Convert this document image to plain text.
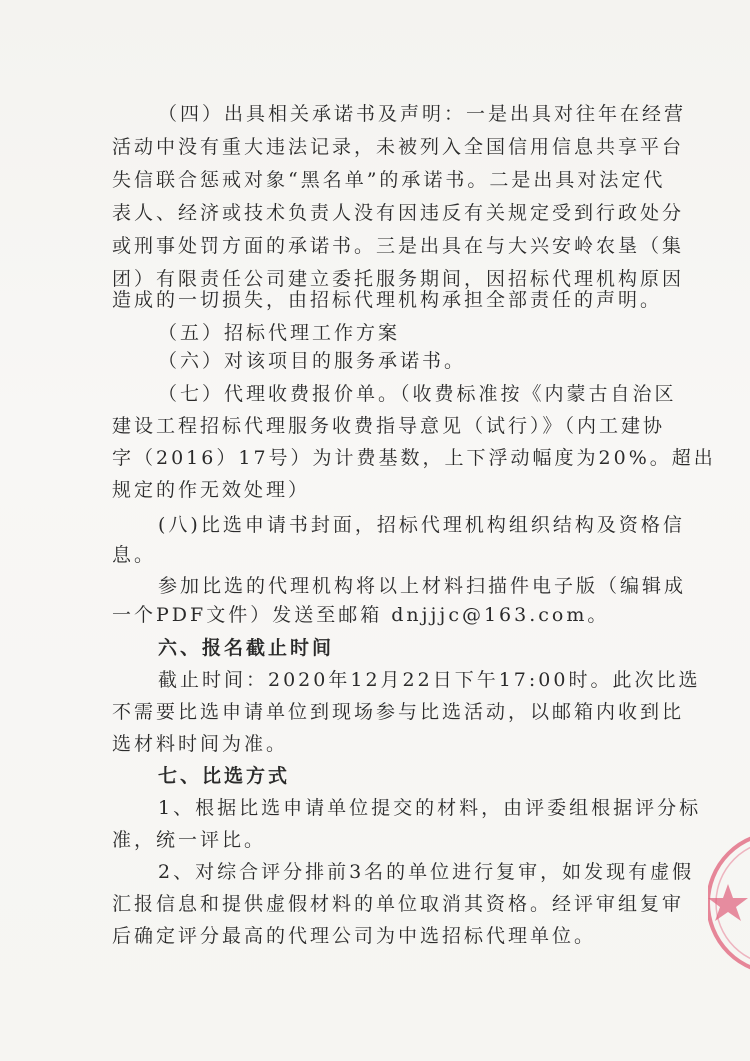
（四）出具相关承诺书及声明：一是出具对往年在经营
活动中没有重大违法记录，未被列入全国信用信息共享平台
失信联合惩戒对象“黑名单”的承诺书。二是出具对法定代
表人、经济或技术负责人没有因违反有关规定受到行政处分
或刑事处罚方面的承诺书。三是出具在与大兴安岭农垦（集
团）有限责任公司建立委托服务期间，因招标代理机构原因
造成的一切损失，由招标代理机构承担全部责任的声明。
（五）招标代理工作方案
（六）对该项目的服务承诺书。
（七）代理收费报价单。（收费标准按《内蒙古自治区
建设工程招标代理服务收费指导意见（试行）》（内工建协
字（2016）17号）为计费基数，上下浮动幅度为20%。超出
规定的作无效处理）
(八)比选申请书封面，招标代理机构组织结构及资格信
息。
参加比选的代理机构将以上材料扫描件电子版（编辑成
一个PDF文件）发送至邮箱 dnjjjc@163.com。
六、报名截止时间
截止时间：2020年12月22日下午17:00时。此次比选
不需要比选申请单位到现场参与比选活动，以邮箱内收到比
选材料时间为准。
七、比选方式
1、根据比选申请单位提交的材料，由评委组根据评分标
准，统一评比。
2、对综合评分排前3名的单位进行复审，如发现有虚假
汇报信息和提供虚假材料的单位取消其资格。经评审组复审
后确定评分最高的代理公司为中选招标代理单位。
